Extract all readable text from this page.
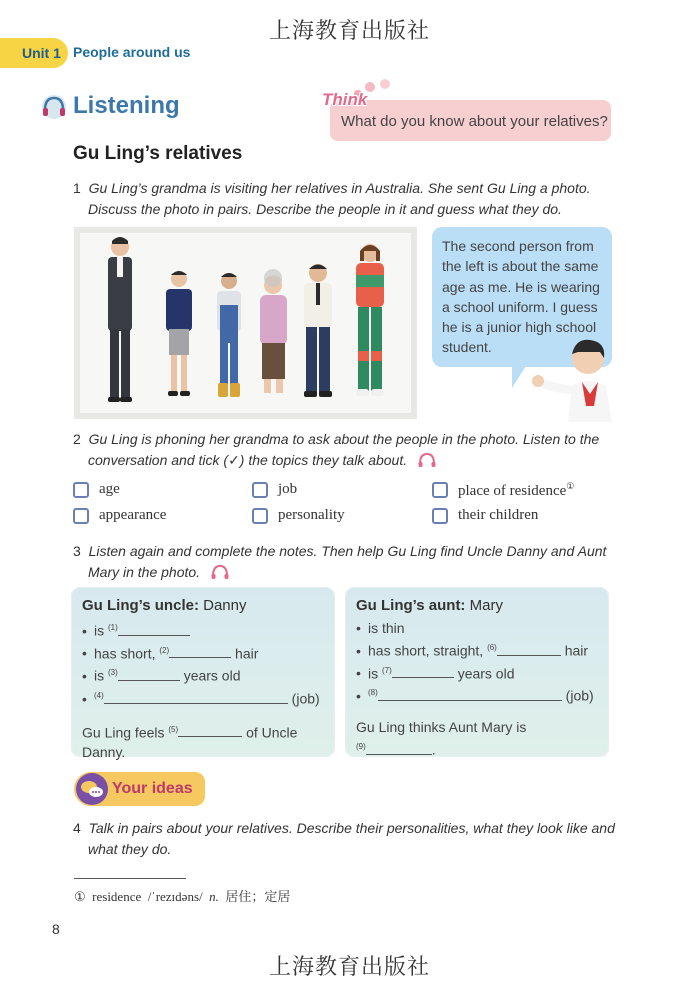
上海教育出版社
Unit 1 People around us
Listening	Think
What do you know about your relatives?
Gu Ling’s relatives
1 Gu Ling’s grandma is visiting her relatives in Australia. She sent Gu Ling a photo.
Discuss the photo in pairs. Describe the people in it and guess what they do.
The second person from
the left is about the same
age as me. He is wearing
a school uniform. I guess
he is a junior high school
student.
2 Gu Ling is phoning her grandma to ask about the people in the photo. Listen to the
conversation and tick (✓) the topics they talk about.
age	job	place of residence①
appearance	personality	their children
3 Listen again and complete the notes. Then help Gu Ling find Uncle Danny and Aunt
Mary in the photo.
Gu Ling’s uncle: Danny
• is $^{(1)}$
• has short, $^{(2)}$	hair
• is $^{(3)}$	years old
• $^{(4)}$	(job)
Gu Ling feels $^{(5)}$	of Uncle
Danny.
Gu Ling’s aunt: Mary
• is thin
• has short, straight, $^{(6)}$	hair
• is $^{(7)}$	years old
• $^{(8)}$	(job)
Gu Ling thinks Aunt Mary is
$^{(9)}$	.
Your ideas
4 Talk in pairs about your relatives. Describe their personalities, what they look like and
what they do.
① residence /ˈrezɪdəns/ n. 居住；定居
8
上海教育出版社
